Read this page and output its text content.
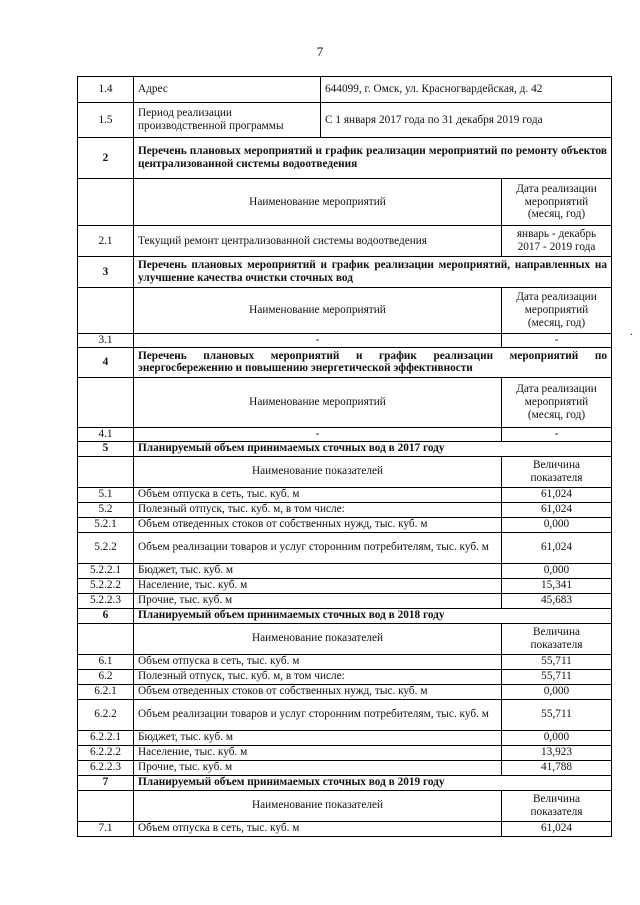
7
1.4	Адрес	644099, г. Омск, ул. Красногвардейская, д. 42	
1.5	Период реализации производственной программы	С 1 января 2017 года по 31 декабря 2019 года	
2	Перечень плановых мероприятий и график реализации мероприятий по ремонту объектов централизованной системы водоотведения		
	Наименование мероприятий		Дата реализации мероприятий (месяц, год)
2.1	Текущий ремонт централизованной системы водоотведения		январь - декабрь 2017 - 2019 года
3	Перечень плановых мероприятий и график реализации мероприятий, направленных на улучшение качества очистки сточных вод		
	Наименование мероприятий		Дата реализации мероприятий (месяц, год)
3.1	-		-
4	Перечень плановых мероприятий и график реализации мероприятий по энергосбережению и повышению энергетической эффективности		
	Наименование мероприятий		Дата реализации мероприятий (месяц, год)
4.1	-		-
5	Планируемый объем принимаемых сточных вод в 2017 году		
	Наименование показателей		Величина показателя
5.1	Объем отпуска в сеть, тыс. куб. м		61,024
5.2	Полезный отпуск, тыс. куб. м, в том числе:		61,024
5.2.1	Объем отведенных стоков от собственных нужд, тыс. куб. м		0,000
5.2.2	Объем реализации товаров и услуг сторонним потребителям, тыс. куб. м		61,024
5.2.2.1	Бюджет, тыс. куб. м		0,000
5.2.2.2	Население, тыс. куб. м		15,341
5.2.2.3	Прочие, тыс. куб. м		45,683
6	Планируемый объем принимаемых сточных вод в 2018 году		
	Наименование показателей		Величина показателя
6.1	Объем отпуска в сеть, тыс. куб. м		55,711
6.2	Полезный отпуск, тыс. куб. м, в том числе:		55,711
6.2.1	Объем отведенных стоков от собственных нужд, тыс. куб. м		0,000
6.2.2	Объем реализации товаров и услуг сторонним потребителям, тыс. куб. м		55,711
6.2.2.1	Бюджет, тыс. куб. м		0,000
6.2.2.2	Население, тыс. куб. м		13,923
6.2.2.3	Прочие, тыс. куб. м		41,788
7	Планируемый объем принимаемых сточных вод в 2019 году		
	Наименование показателей		Величина показателя
7.1	Объем отпуска в сеть, тыс. куб. м		61,024
.
